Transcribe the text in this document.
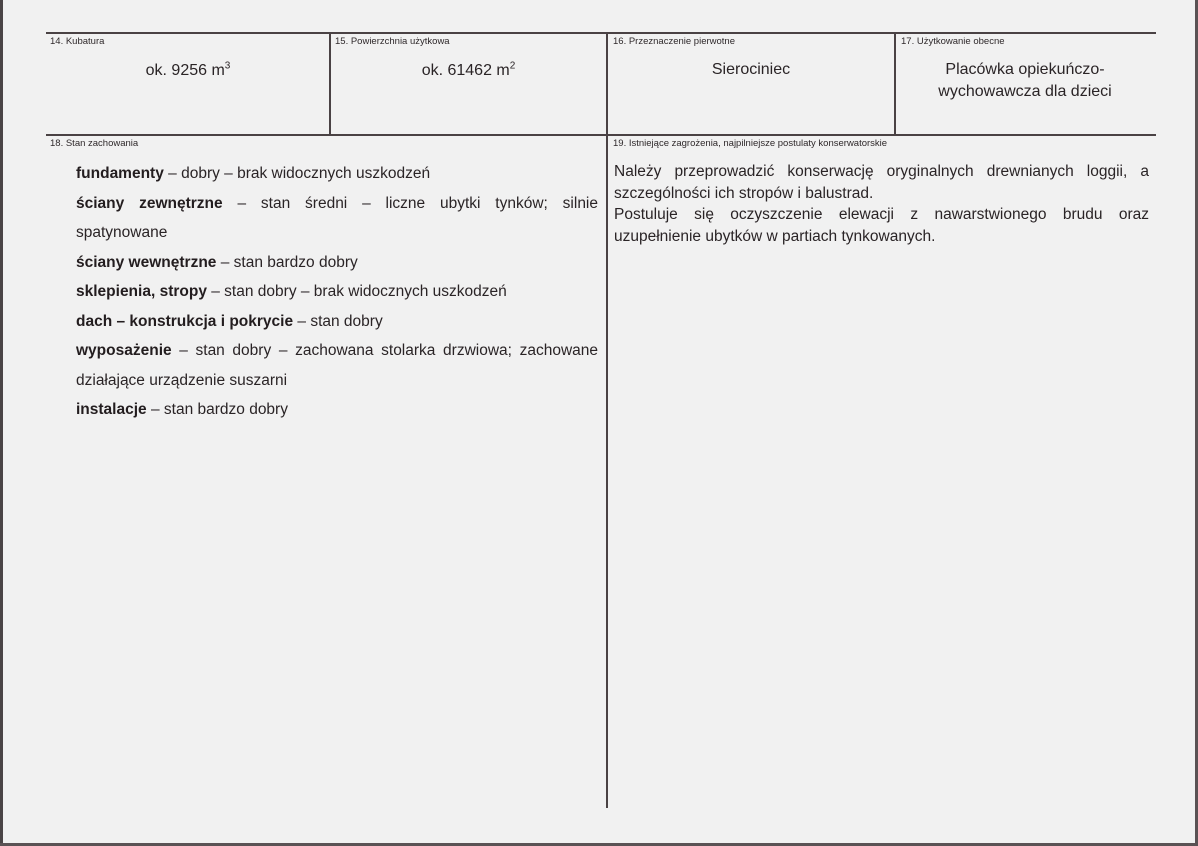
14. Kubatura
ok. 9256 $m^3$
15. Powierzchnia użytkowa
ok. 61462 $m^2$
16. Przeznaczenie pierwotne
Sierociniec
17. Użytkowanie obecne
Placówka opiekuńczo-
wychowawcza dla dzieci
18. Stan zachowania
fundamenty – dobry – brak widocznych uszkodzeń
ściany zewnętrzne – stan średni – liczne ubytki tynków; silnie spatynowane
ściany wewnętrzne – stan bardzo dobry
sklepienia, stropy – stan dobry – brak widocznych uszkodzeń
dach – konstrukcja i pokrycie – stan dobry
wyposażenie – stan dobry – zachowana stolarka drzwiowa; zachowane działające urządzenie suszarni
instalacje – stan bardzo dobry
19. Istniejące zagrożenia, najpilniejsze postulaty konserwatorskie

Należy przeprowadzić konserwację oryginalnych drewnianych loggii, a szczególności ich stropów i balustrad.

Postuluje się oczyszczenie elewacji z nawarstwionego brudu oraz uzupełnienie ubytków w partiach tynkowanych.
